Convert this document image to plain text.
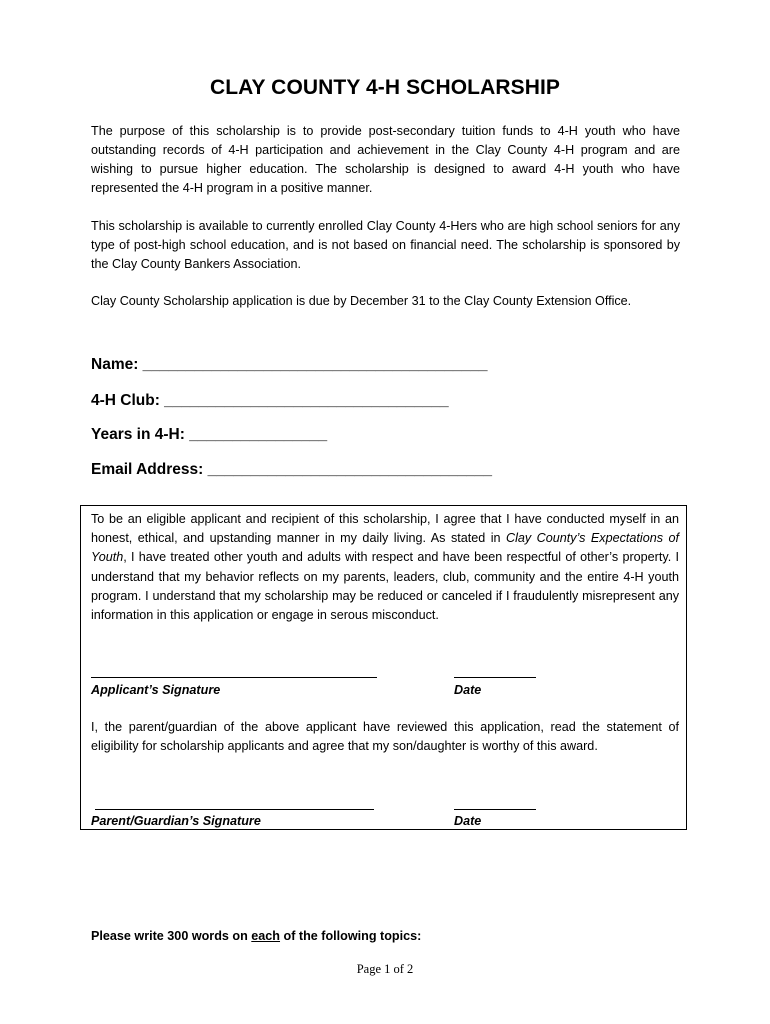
CLAY COUNTY 4-H SCHOLARSHIP

The purpose of this scholarship is to provide post-secondary tuition funds to 4-H youth who have outstanding records of 4-H participation and achievement in the Clay County 4-H program and are wishing to pursue higher education. The scholarship is designed to award 4-H youth who have represented the 4-H program in a positive manner.

This scholarship is available to currently enrolled Clay County 4-Hers who are high school seniors for any type of post-high school education, and is not based on financial need. The scholarship is sponsored by the Clay County Bankers Association.

Clay County Scholarship application is due by December 31 to the Clay County Extension Office.

Name: ________________________________________
4-H Club: _________________________________
Years in 4-H: ________________
Email Address: _________________________________

To be an eligible applicant and recipient of this scholarship, I agree that I have conducted myself in an honest, ethical, and upstanding manner in my daily living. As stated in Clay County’s Expectations of Youth, I have treated other youth and adults with respect and have been respectful of other’s property. I understand that my behavior reflects on my parents, leaders, club, community and the entire 4-H youth program. I understand that my scholarship may be reduced or canceled if I fraudulently misrepresent any information in this application or engage in serous misconduct.

Applicant’s Signature	Date

I, the parent/guardian of the above applicant have reviewed this application, read the statement of eligibility for scholarship applicants and agree that my son/daughter is worthy of this award.

Parent/Guardian’s Signature	Date
Please write 300 words on each of the following topics:
Page 1 of 2
